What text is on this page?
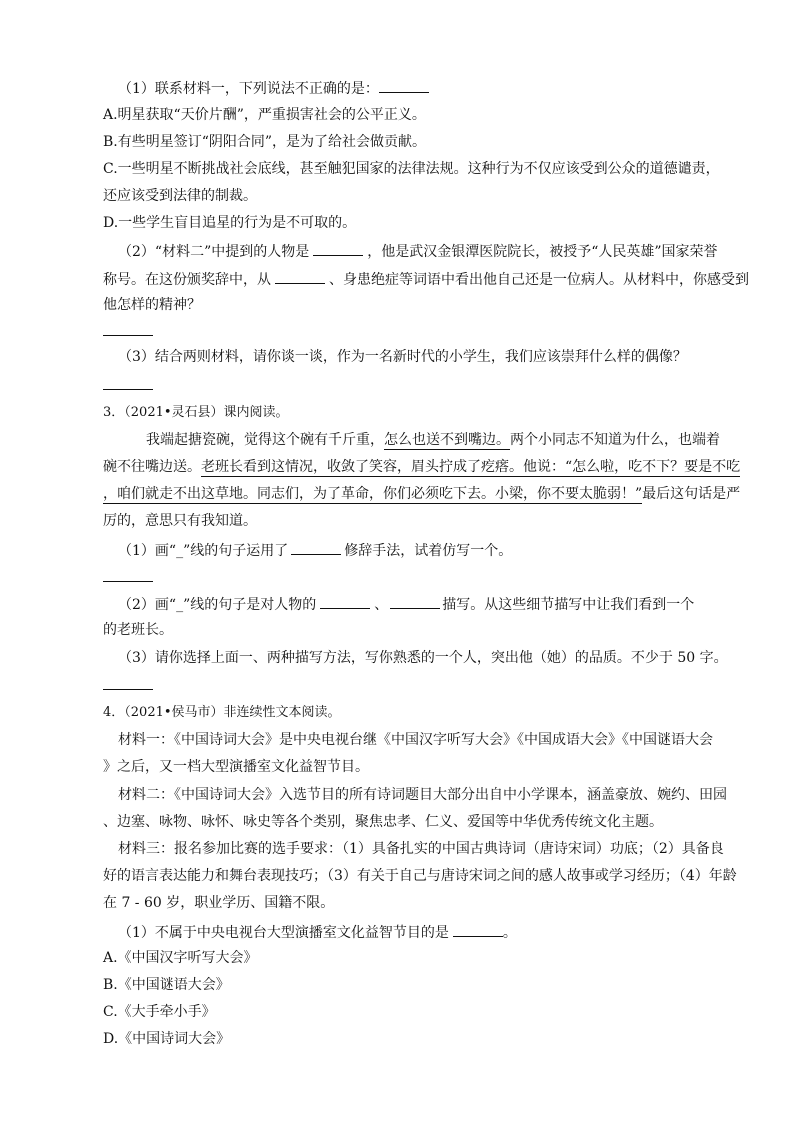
（1）联系材料一，下列说法不正确的是：
A.明星获取“天价片酬”，严重损害社会的公平正义。
B.有些明星签订“阴阳合同”，是为了给社会做贡献。
C.一些明星不断挑战社会底线，甚至触犯国家的法律法规。这种行为不仅应该受到公众的道德谴责，
还应该受到法律的制裁。
D.一些学生盲目追星的行为是不可取的。
（2）“材料二”中提到的人物是	，他是武汉金银潭医院院长，被授予“人民英雄”国家荣誉
称号。在这份颁奖辞中，从	、身患绝症等词语中看出他自己还是一位病人。从材料中，你感受到
他怎样的精神？
（3）结合两则材料，请你谈一谈，作为一名新时代的小学生，我们应该崇拜什么样的偶像？
3．（2021•灵石县）课内阅读。
我端起搪瓷碗，觉得这个碗有千斤重，怎么也送不到嘴边。两个小同志不知道为什么，也端着
碗不往嘴边送。老班长看到这情况，收敛了笑容，眉头拧成了疙瘩。他说：“怎么啦，吃不下？要是不吃
，咱们就走不出这草地。同志们，为了革命，你们必须吃下去。小梁，你不要太脆弱！”最后这句话是严
厉的，意思只有我知道。
（1）画“_”线的句子运用了	修辞手法，试着仿写一个。
（2）画“_”线的句子是对人物的	、	描写。从这些细节描写中让我们看到一个
的老班长。
（3）请你选择上面一、两种描写方法，写你熟悉的一个人，突出他（她）的品质。不少于 50 字。
4．（2021•侯马市）非连续性文本阅读。
材料一：《中国诗词大会》是中央电视台继《中国汉字听写大会》《中国成语大会》《中国谜语大会
》之后，又一档大型演播室文化益智节目。
材料二：《中国诗词大会》入选节目的所有诗词题目大部分出自中小学课本，涵盖豪放、婉约、田园
、边塞、咏物、咏怀、咏史等各个类别，聚焦忠孝、仁义、爱国等中华优秀传统文化主题。
材料三：报名参加比赛的选手要求：（1）具备扎实的中国古典诗词（唐诗宋词）功底；（2）具备良
好的语言表达能力和舞台表现技巧；（3）有关于自己与唐诗宋词之间的感人故事或学习经历；（4）年龄
在 7 - 60 岁，职业学历、国籍不限。
（1）不属于中央电视台大型演播室文化益智节目的是	。
A.《中国汉字听写大会》
B.《中国谜语大会》
C.《大手牵小手》
D.《中国诗词大会》
